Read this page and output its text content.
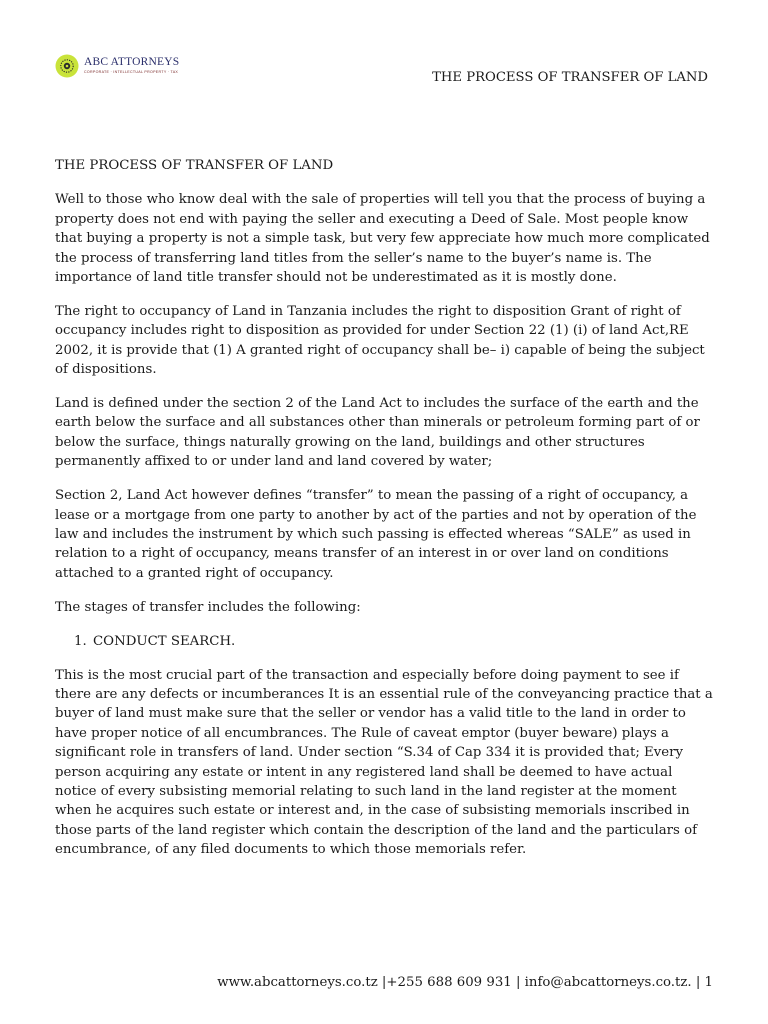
ABC ATTORNEYS
CORPORATE · INTELLECTUAL PROPERTY · TAX	THE PROCESS OF TRANSFER OF LAND
THE PROCESS OF TRANSFER OF LAND

Well to those who know deal with the sale of properties will tell you that the process of buying a property does not end with paying the seller and executing a Deed of Sale. Most people know that buying a property is not a simple task, but very few appreciate how much more complicated the process of transferring land titles from the seller’s name to the buyer’s name is. The importance of land title transfer should not be underestimated as it is mostly done.

The right to occupancy of Land in Tanzania includes the right to disposition Grant of right of occupancy includes right to disposition as provided for under Section 22 (1) (i) of land Act,RE 2002, it is provide that (1) A granted right of occupancy shall be– i) capable of being the subject of dispositions.

Land is defined under the section 2 of the Land Act to includes the surface of the earth and the earth below the surface and all substances other than minerals or petroleum forming part of or below the surface, things naturally growing on the land, buildings and other structures permanently affixed to or under land and land covered by water;

Section 2, Land Act however defines “transfer” to mean the passing of a right of occupancy, a lease or a mortgage from one party to another by act of the parties and not by operation of the law and includes the instrument by which such passing is effected whereas “SALE” as used in relation to a right of occupancy, means transfer of an interest in or over land on conditions attached to a granted right of occupancy.

The stages of transfer includes the following:

1. CONDUCT SEARCH.

This is the most crucial part of the transaction and especially before doing payment to see if there are any defects or incumberances It is an essential rule of the conveyancing practice that a buyer of land must make sure that the seller or vendor has a valid title to the land in order to have proper notice of all encumbrances. The Rule of caveat emptor (buyer beware) plays a significant role in transfers of land. Under section “S.34 of Cap 334 it is provided that; Every person acquiring any estate or intent in any registered land shall be deemed to have actual notice of every subsisting memorial relating to such land in the land register at the moment when he acquires such estate or interest and, in the case of subsisting memorials inscribed in those parts of the land register which contain the description of the land and the particulars of encumbrance, of any filed documents to which those memorials refer.

www.abcattorneys.co.tz |+255 688 609 931 | info@abcattorneys.co.tz. | 1
